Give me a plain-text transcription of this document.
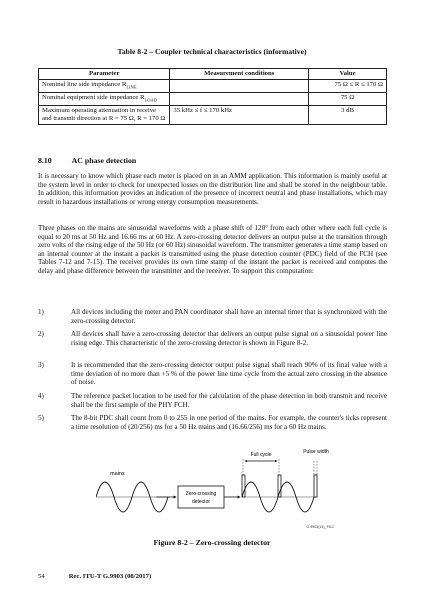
Table 8-2 – Coupler technical characteristics (informative)
Parameter	Measurement conditions	Value
Nominal line side impedance $R_{LINE}$		75 Ω ≤ R ≤ 170 Ω
Nominal equipment side impedance $R_{LOAD}$		75 Ω
Maximum operating attenuation in receive and transmit direction at R = 75 Ω, R = 170 Ω	35 kHz ≤ f ≤ 170 kHz	3 dB
8.10	AC phase detection

It is necessary to know which phase each meter is placed on in an AMM application. This information is mainly useful at the system level in order to check for unexpected losses on the distribution line and shall be stored in the neighbour table. In addition, this information provides an indication of the presence of incorrect neutral and phase installations, which may result in hazardous installations or wrong energy consumption measurements.

Three phases on the mains are sinusoidal waveforms with a phase shift of 120° from each other where each full cycle is equal to 20 ms at 50 Hz and 16.66 ms at 60 Hz. A zero-crossing detector delivers an output pulse at the transition through zero volts of the rising edge of the 50 Hz (or 60 Hz) sinusoidal waveform. The transmitter generates a time stamp based on an internal counter at the instant a packet is transmitted using the phase detection counter (PDC) field of the FCH (see Tables 7-12 and 7-15). The receiver provides its own time stamp of the instant the packet is received and computes the delay and phase difference between the transmitter and the receiver. To support this computation:

1)	All devices including the meter and PAN coordinator shall have an internal timer that is synchronized with the zero-crossing detector.
2)	All devices shall have a zero-crossing detector that delivers an output pulse signal on a sinusoidal power line rising edge. This characteristic of the zero-crossing detector is shown in Figure 8-2.
3)	It is recommended that the zero-crossing detector output pulse signal shall reach 90% of its final value with a time deviation of no more than +5 % of the power line time cycle from the actual zero crossing in the absence of noise.
4)	The reference packet location to be used for the calculation of the phase detection in both transmit and receive shall be the first sample of the PHY FCH.
5)	The 8-bit PDC shall count from 0 to 255 in one period of the mains. For example, the counter's ticks represent a time resolution of (20/256) ms for a 50 Hz mains and (16.66/256) ms for a 60 Hz mains.
mains
Zero-crossing
detector
Full cycle	Pulse width
G.9903(14)_F8-2
Figure 8-2 – Zero-crossing detector
54	Rec. ITU-T G.9903 (08/2017)
